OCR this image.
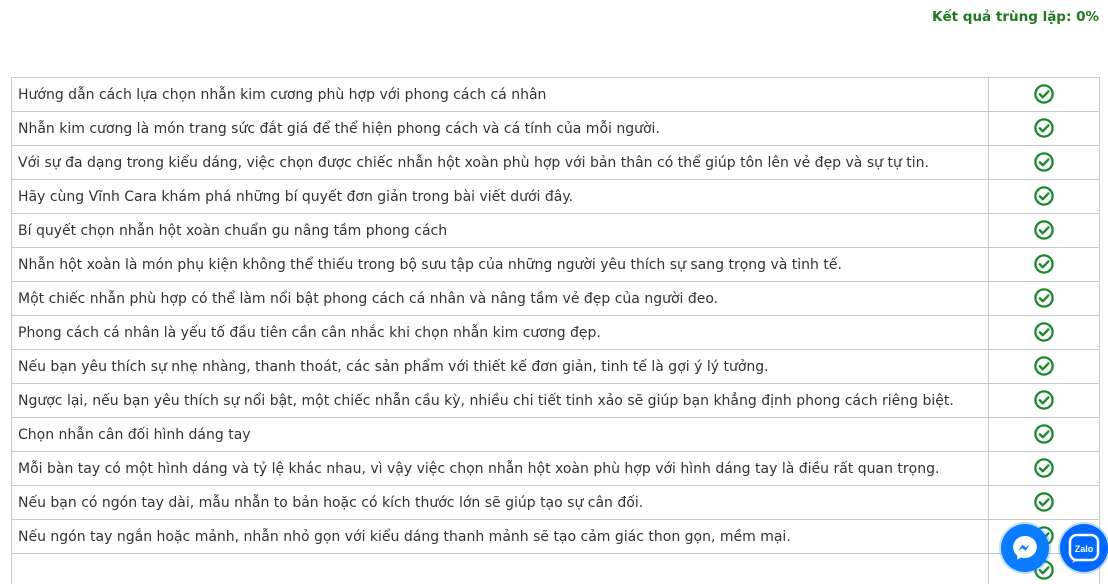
Kết quả trùng lặp: 0%
Hướng dẫn cách lựa chọn nhẫn kim cương phù hợp với phong cách cá nhân	
Nhẫn kim cương là món trang sức đắt giá để thể hiện phong cách và cá tính của mỗi người.	
Với sự đa dạng trong kiểu dáng, việc chọn được chiếc nhẫn hột xoàn phù hợp với bản thân có thể giúp tôn lên vẻ đẹp và sự tự tin.	
Hãy cùng Vĩnh Cara khám phá những bí quyết đơn giản trong bài viết dưới đây.	
Bí quyết chọn nhẫn hột xoàn chuẩn gu nâng tầm phong cách	
Nhẫn hột xoàn là món phụ kiện không thể thiếu trong bộ sưu tập của những người yêu thích sự sang trọng và tinh tế.	
Một chiếc nhẫn phù hợp có thể làm nổi bật phong cách cá nhân và nâng tầm vẻ đẹp của người đeo.	
Phong cách cá nhân là yếu tố đầu tiên cần cân nhắc khi chọn nhẫn kim cương đẹp.	
Nếu bạn yêu thích sự nhẹ nhàng, thanh thoát, các sản phẩm với thiết kế đơn giản, tinh tế là gợi ý lý tưởng.	
Ngược lại, nếu bạn yêu thích sự nổi bật, một chiếc nhẫn cầu kỳ, nhiều chi tiết tinh xảo sẽ giúp bạn khẳng định phong cách riêng biệt.	
Chọn nhẫn cân đối hình dáng tay	
Mỗi bàn tay có một hình dáng và tỷ lệ khác nhau, vì vậy việc chọn nhẫn hột xoàn phù hợp với hình dáng tay là điều rất quan trọng.	
Nếu bạn có ngón tay dài, mẫu nhẫn to bản hoặc có kích thước lớn sẽ giúp tạo sự cân đối.	
Nếu ngón tay ngắn hoặc mảnh, nhẫn nhỏ gọn với kiểu dáng thanh mảnh sẽ tạo cảm giác thon gọn, mềm mại.	

Zalo
